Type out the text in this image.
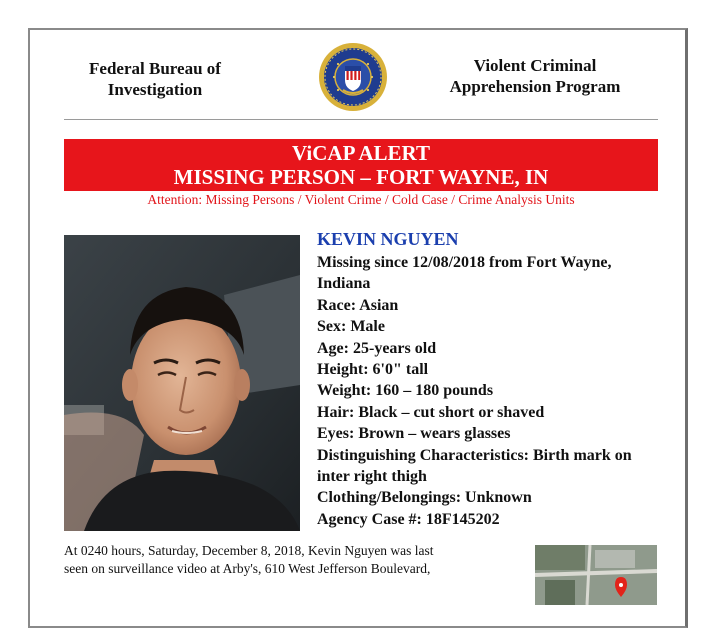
Federal Bureau of
Investigation
Violent Criminal
Apprehension Program
ViCAP ALERT
MISSING PERSON – FORT WAYNE, IN
Attention: Missing Persons / Violent Crime / Cold Case / Crime Analysis Units
KEVIN NGUYEN
Missing since 12/08/2018 from Fort Wayne, Indiana
Race: Asian
Sex: Male
Age: 25-years old
Height: 6'0" tall
Weight: 160 – 180 pounds
Hair: Black – cut short or shaved
Eyes: Brown – wears glasses
Distinguishing Characteristics: Birth mark on inter right thigh
Clothing/Belongings: Unknown
Agency Case #: 18F145202
At 0240 hours, Saturday, December 8, 2018, Kevin Nguyen was last
seen on surveillance video at Arby's, 610 West Jefferson Boulevard,
